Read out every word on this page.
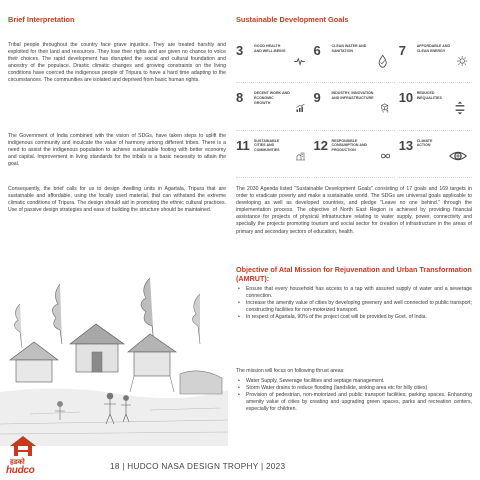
Brief Interpretation

Tribal people throughout the country face grave injustice. They are treated harshly and exploited for their land and resources. They lose their rights and are given no chance to voice their choices. The rapid development has disrupted the social and cultural foundation and ancestry of the populace. Drastic climatic changes and growing constraints on the living conditions have coerced the indigenous people of Tripura to have a hard time adapting to the circumstances. The communities are isolated and deprived from basic human rights.

The Government of India combined with the vision of SDGs, have taken steps to uplift the indigenous community and inculcate the value of harmony among different tribes. There is a need to assist the indigenous population to achieve sustainable footing with better economy and capital. Improvement in living standards for the tribals is a basic necessity to attain the goal.

Consequently, the brief calls for us to design dwelling units in Agartala, Tripura that are sustainable and affordable, using the locally used material, that can withstand the extreme climatic conditions of Tripura. The design should aid in promoting the ethnic cultural practices. Use of passive design strategies and ease of building the structure should be maintained.

Sustainable Development Goals
3	GOOD HEALTH AND WELL-BEING 6	CLEAN WATER AND SANITATION	7	AFFORDABLE AND CLEAN ENERGY
8	DECENT WORK AND ECONOMIC GROWTH	9	INDUSTRY, INNOVATION AND INFRASTRUCTURE 10 REDUCED INEQUALITIES
11 SUSTAINABLE CITIES AND COMMUNITIES	12 RESPONSIBLE CONSUMPTION AND PRODUCTION	13 CLIMATE ACTION

The 2030 Agenda listed "Sustainable Development Goals" consisting of 17 goals and 169 targets in order to eradicate poverty and make a sustainable world. The SDGs are universal goals applicable to developing as well as developed countries, and pledge "Leave no one behind." through the implementation process. The objective of North East Region is achieved by providing financial assistance for projects of physical infrastructure relating to water supply, power, connectivity and specially the projects promoting tourism and social sector for creation of infrastructure in the areas of primary and secondary sectors of education, health.

Objective of Atal Mission for Rejuvenation and Urban Transformation (AMRUT):
• Ensure that every household has access to a tap with assured supply of water and a sewerage connection.
• Increase the amenity value of cities by developing greenery and well connected to public transport; constructing facilities for non-motorized transport.
• In respect of Agartala, 90% of the project cost will be provided by Govt. of India.

The mission will focus on following thrust areas:

• Water Supply, Sewerage facilities and septage management.
• Storm Water drains to reduce flooding (landslide, sinking area etc for hilly cities)
• Provision of pedestrian, non-motorized and public transport facilities, parking spaces. Enhancing amenity value of cities by creating and upgrading green spaces, parks and recreation centers, especially for children.
हडको
hudco	18 | HUDCO NASA DESIGN TROPHY | 2023
